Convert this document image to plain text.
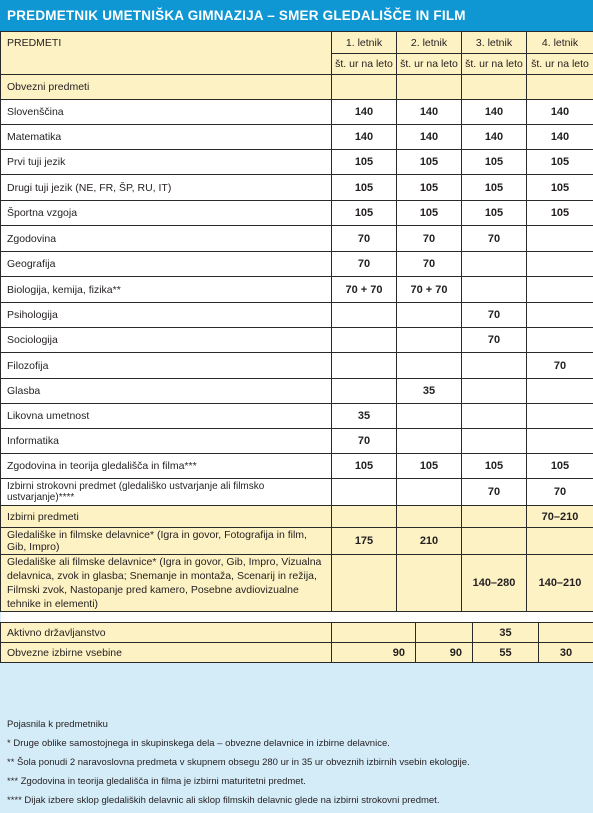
PREDMETNIK UMETNIŠKA GIMNAZIJA – SMER GLEDALIŠČE IN FILM
PREDMETI	1. letnik	2. letnik	3. letnik	4. letnik
	št. ur na leto	št. ur na leto	št. ur na leto	št. ur na leto
Obvezni predmeti				
Slovenščina	140	140	140	140
Matematika	140	140	140	140
Prvi tuji jezik	105	105	105	105
Drugi tuji jezik (NE, FR, ŠP, RU, IT)	105	105	105	105
Športna vzgoja	105	105	105	105
Zgodovina	70	70	70	
Geografija	70	70		
Biologija, kemija, fizika**	70 + 70	70 + 70		
Psihologija			70	
Sociologija			70	
Filozofija				70
Glasba		35		
Likovna umetnost	35			
Informatika	70			
Zgodovina in teorija gledališča in filma***	105	105	105	105
Izbirni strokovni predmet (gledališko ustvarjanje ali filmsko ustvarjanje)****			70	70
Izbirni predmeti				70–210
Gledališke in filmske delavnice* (Igra in govor, Fotografija in film, Gib, Impro)	175	210		
Gledališke ali filmske delavnice* (Igra in govor, Gib, Impro, Vizualna delavnica, zvok in glasba; Snemanje in montaža, Scenarij in režija, Filmski zvok, Nastopanje pred kamero, Posebne avdiovizualne tehnike in elementi)			140–280	140–210

Aktivno državljanstvo			35	
Obvezne izbirne vsebine	90	90	55	30
Pojasnila k predmetniku
* Druge oblike samostojnega in skupinskega dela – obvezne delavnice in izbirne delavnice.
** Šola ponudi 2 naravoslovna predmeta v skupnem obsegu 280 ur in 35 ur obveznih izbirnih vsebin ekologije.
*** Zgodovina in teorija gledališča in filma je izbirni maturitetni predmet.
**** Dijak izbere sklop gledaliških delavnic ali sklop filmskih delavnic glede na izbirni strokovni predmet.
